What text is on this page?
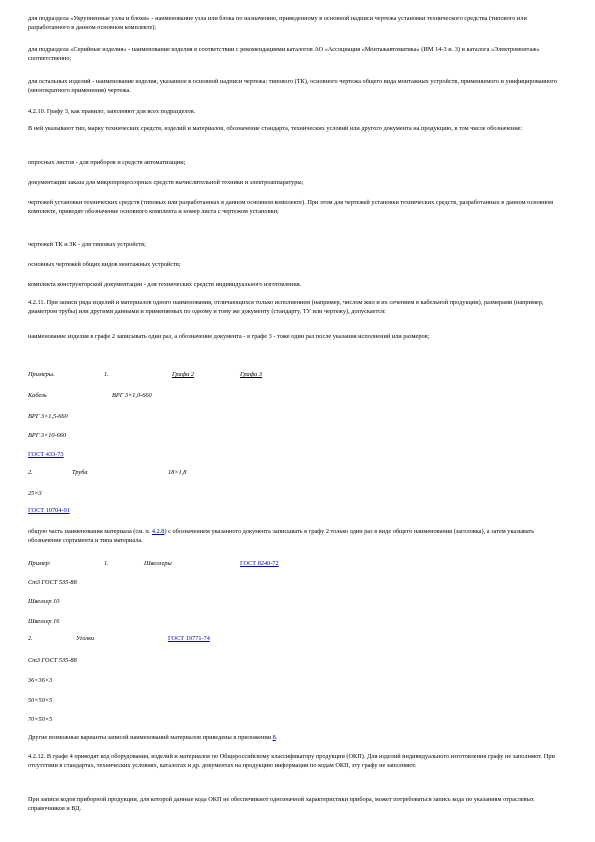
для подраздела «Укрупненные узлы и блоки» - наименование узла или блока по назначению, приведенному в основной надписи чертежа установки технического средства (типового или разработанного в данном основном комплекте);

для подраздела «Серийные изделия» - наименование изделия в соответствии с рекомендациями каталогов АО «Ассоциация «Монтажавтоматика» (ИМ 14-3 и. 3) и каталога «Электромонтаж» соответственно;

для остальных изделий - наименование изделия, указанное в основной надписи чертежа: типового (ТК), основного чертежа общего вида монтажных устройств, применяемого и унифицированного (многократного применения) чертежа.

4.2.10. Графу 3, как правило, заполняют для всех подразделов.

В ней указывают тип, марку технических средств, изделий и материалов, обозначение стандарта, технических условий или другого документа на продукцию, в том числе обозначение:

опросных листов - для приборов и средств автоматизации;

документации заказа для микропроцессорных средств вычислительной техники и электроаппаратуры;

чертежей установки технических средств (типовых или разработанных в данном основном комплекте). При этом для чертежей установки технических средств, разработанных в данном основном комплекте, приводят обозначение основного комплекта и номер листа с чертежом установки;

чертежей ТК и ЗК - для типовых устройств;

основных чертежей общих видов монтажных устройств;

комплекта конструкторской документации - для технических средств индивидуального изготовления.

4.2.11. При записи ряда изделий и материалов одного наименования, отличающихся только исполнением (например, числом жил и их сечением в кабельной продукции), размерами (например, диаметром трубы) или другими данными и применяемых по одному и тому же документу (стандарту, ТУ или чертежу), допускается:

наименование изделия в графе 2 записывать один раз, а обозначение документа - в графе 3 - тоже один раз после указания исполнений или размеров;

Примеры.	1.	Графа 2	Графа 3
Кабель	ВРГ 3×1,0-660
ВРГ 3×1,5-660
ВРГ 3×10-660
ГОСТ 433-73
2.	Труба	18×1,8
25×3
ГОСТ 10704-91

общую часть наименования материала (см. п. 4.2.8) с обозначением указанного документа записывать в графу 2 только один раз в виде общего наименования (заголовка), а затем указывать обозначение сортамента и типа материала.

Пример:	1.	Швеллеры	ГОСТ 8240-72
Ст3 ГОСТ 535-88
Швеллер 10
Швеллер 16
2.	Уголки	ГОСТ 19771-74
Ст3 ГОСТ 535-88
36×36×3
50×50×5
70×50×5

Другие возможные варианты записей наименований материалов приведены в приложении 8.

4.2.12. В графе 4 приводят код оборудования, изделий и материалов по Общероссийскому классификатору продукции (ОКП). Для изделий индивидуального изготовления графу не заполняют. При отсутствии в стандартах, технических условиях, каталогах и др. документах на продукцию информации по кодам ОКП, эту графу не заполняют.

При записи кодов приборной продукции, для которой данные кода ОКП не обеспечивают однозначной характеристики прибора, может потребоваться запись кода по указаниям отраслевых справочников и ВД.
